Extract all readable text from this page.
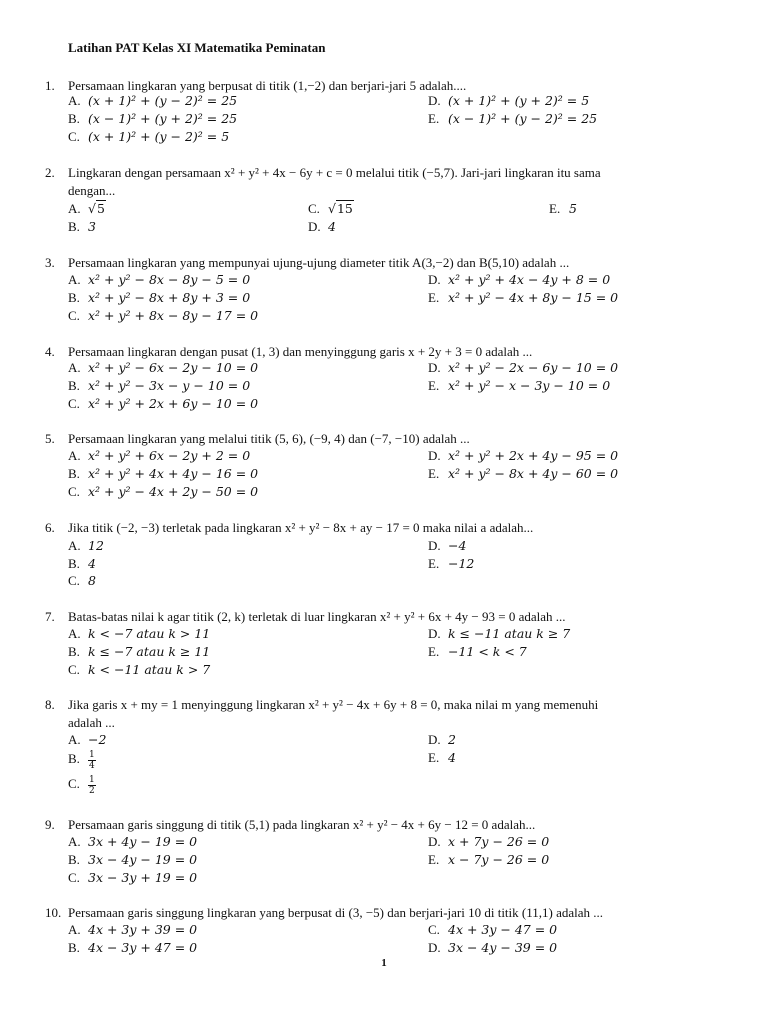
Latihan PAT Kelas XI Matematika Peminatan
1.	Persamaan lingkaran yang berpusat di titik (1,−2) dan berjari-jari 5 adalah....
A. (x + 1)² + (y − 2)² = 25
B. (x − 1)² + (y + 2)² = 25
C. (x + 1)² + (y − 2)² = 5
D. (x + 1)² + (y + 2)² = 5
E. (x − 1)² + (y − 2)² = 25
2.	Lingkaran dengan persamaan x² + y² + 4x − 6y + c = 0 melalui titik (−5,7). Jari-jari lingkaran itu sama
dengan...
A. √5
B. 3
C. √15
D. 4
E. 5
3.	Persamaan lingkaran yang mempunyai ujung-ujung diameter titik A(3,−2) dan B(5,10) adalah ...
A. x² + y² − 8x − 8y − 5 = 0
B. x² + y² − 8x + 8y + 3 = 0
C. x² + y² + 8x − 8y − 17 = 0
D. x² + y² + 4x − 4y + 8 = 0
E. x² + y² − 4x + 8y − 15 = 0
4.	Persamaan lingkaran dengan pusat (1, 3) dan menyinggung garis x + 2y + 3 = 0 adalah ...
A. x² + y² − 6x − 2y − 10 = 0
B. x² + y² − 3x − y − 10 = 0
C. x² + y² + 2x + 6y − 10 = 0
D. x² + y² − 2x − 6y − 10 = 0
E. x² + y² − x − 3y − 10 = 0
5.	Persamaan lingkaran yang melalui titik (5, 6), (−9, 4) dan (−7, −10) adalah ...
A. x² + y² + 6x − 2y + 2 = 0
B. x² + y² + 4x + 4y − 16 = 0
C. x² + y² − 4x + 2y − 50 = 0
D. x² + y² + 2x + 4y − 95 = 0
E. x² + y² − 8x + 4y − 60 = 0
6.	Jika titik (−2, −3) terletak pada lingkaran x² + y² − 8x + ay − 17 = 0 maka nilai a adalah...
A. 12
B. 4
C. 8
D. −4
E. −12
7.	Batas-batas nilai k agar titik (2, k) terletak di luar lingkaran x² + y² + 6x + 4y − 93 = 0 adalah ...
A. k < −7 atau k > 11
B. k ≤ −7 atau k ≥ 11
C. k < −11 atau k > 7
D. k ≤ −11 atau k ≥ 7
E. −11 < k < 7
8.	Jika garis x + my = 1 menyinggung lingkaran x² + y² − 4x + 6y + 8 = 0, maka nilai m yang memenuhi
adalah ...
A. −2
B. $\frac{1}{4}$
C. $\frac{1}{2}$
D. 2
E. 4
9.	Persamaan garis singgung di titik (5,1) pada lingkaran x² + y² − 4x + 6y − 12 = 0 adalah...
A. 3x + 4y − 19 = 0
B. 3x − 4y − 19 = 0
C. 3x − 3y + 19 = 0
D. x + 7y − 26 = 0
E. x − 7y − 26 = 0
10. Persamaan garis singgung lingkaran yang berpusat di (3, −5) dan berjari-jari 10 di titik (11,1) adalah ...
A. 4x + 3y + 39 = 0
B. 4x − 3y + 47 = 0
C. 4x + 3y − 47 = 0
D. 3x − 4y − 39 = 0
1
